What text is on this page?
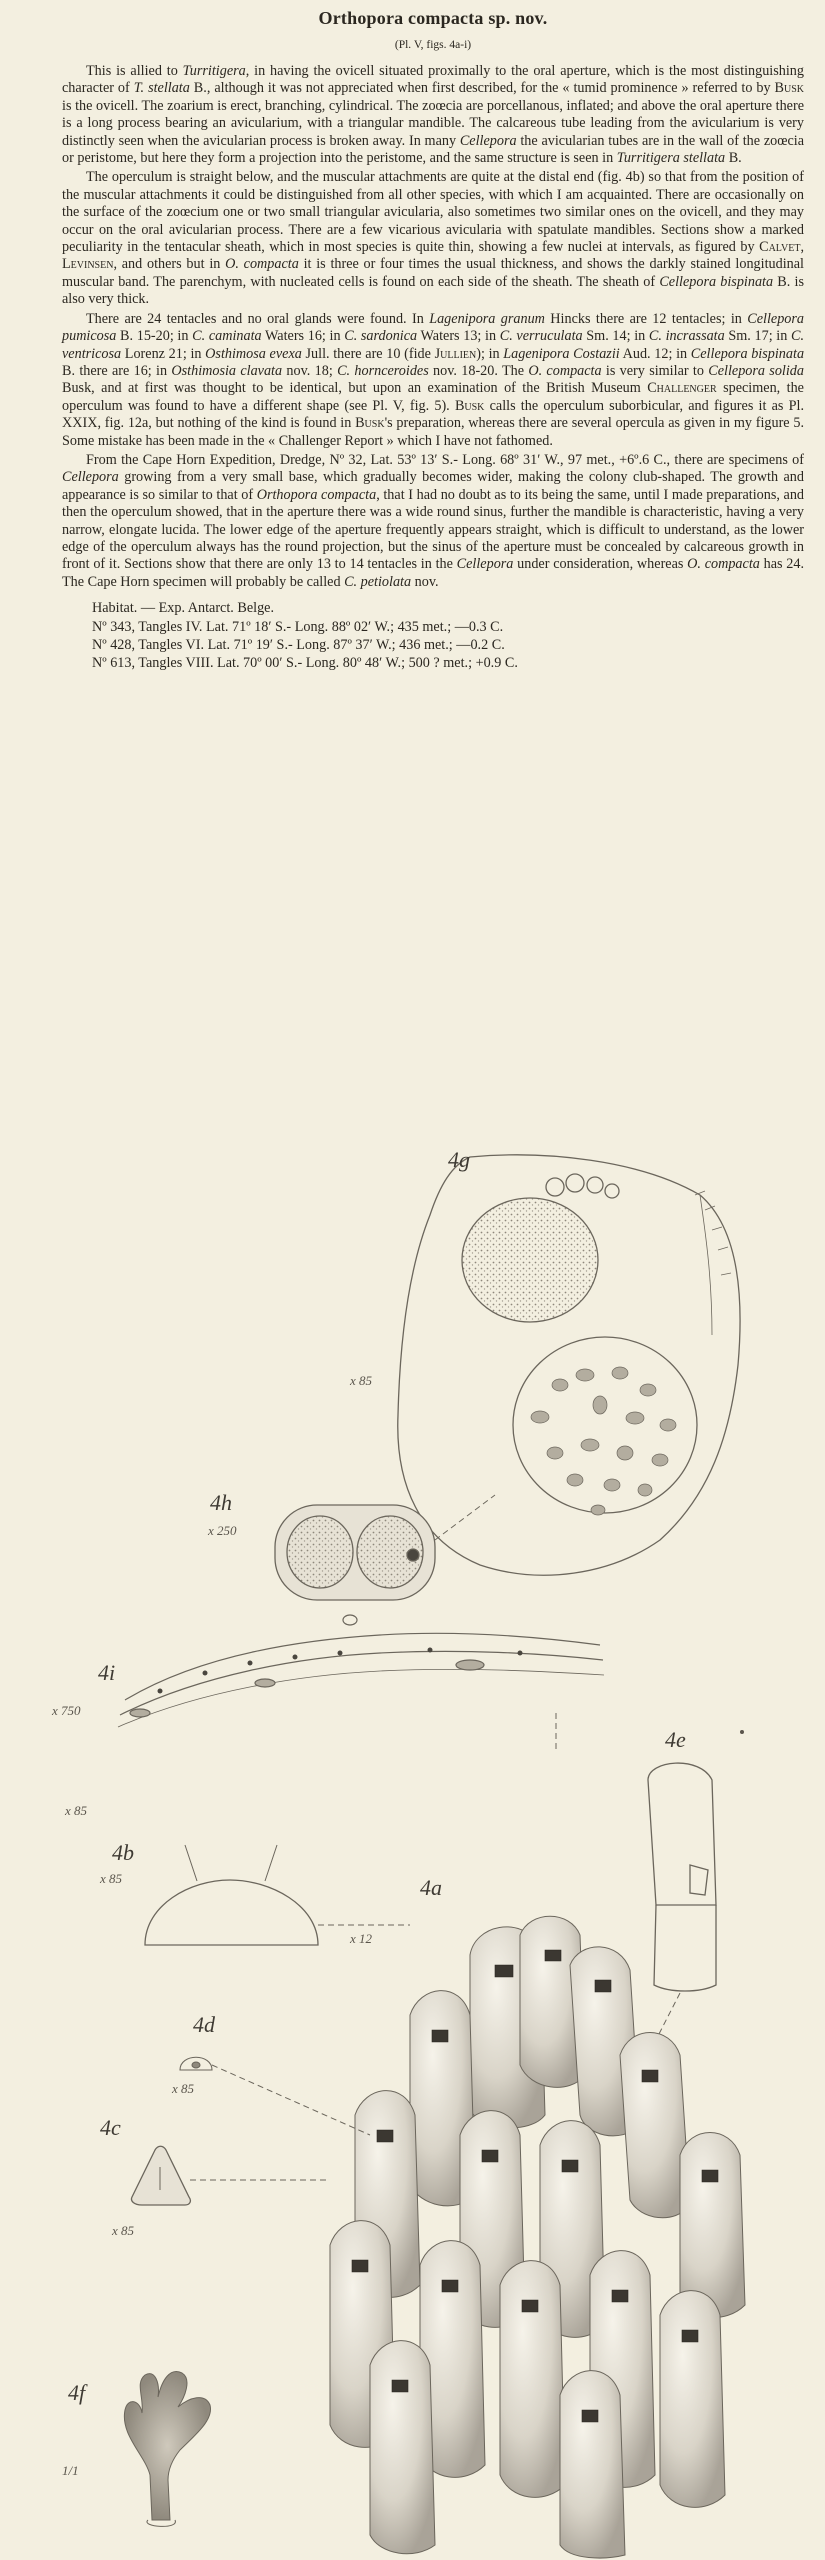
Orthopora compacta sp. nov.
(Pl. V, figs. 4a-i)

This is allied to Turritigera, in having the ovicell situated proximally to the oral aperture, which is the most distinguishing character of T. stellata B., although it was not appreciated when first described, for the « tumid prominence » referred to by Busk is the ovicell. The zoarium is erect, branching, cylindrical. The zoœcia are porcellanous, inflated; and above the oral aperture there is a long process bearing an avicularium, with a triangular mandible. The calcareous tube leading from the avicularium is very distinctly seen when the avicularian process is broken away. In many Cellepora the avicularian tubes are in the wall of the zoœcia or peristome, but here they form a projection into the peristome, and the same structure is seen in Turritigera stellata B.

The operculum is straight below, and the muscular attachments are quite at the distal end (fig. 4b) so that from the position of the muscular attachments it could be distinguished from all other species, with which I am acquainted. There are occasionally on the surface of the zoœcium one or two small triangular avicularia, also sometimes two similar ones on the ovicell, and they may occur on the oral avicularian process. There are a few vicarious avicularia with spatulate mandibles. Sections show a marked peculiarity in the tentacular sheath, which in most species is quite thin, showing a few nuclei at intervals, as figured by Calvet, Levinsen, and others but in O. compacta it is three or four times the usual thickness, and shows the darkly stained longitudinal muscular band. The parenchym, with nucleated cells is found on each side of the sheath. The sheath of Cellepora bispinata B. is also very thick.

There are 24 tentacles and no oral glands were found. In Lagenipora granum Hincks there are 12 tentacles; in Cellepora pumicosa B. 15-20; in C. caminata Waters 16; in C. sardonica Waters 13; in C. verruculata Sm. 14; in C. incrassata Sm. 17; in C. ventricosa Lorenz 21; in Osthimosa evexa Jull. there are 10 (fide Jullien); in Lagenipora Costazii Aud. 12; in Cellepora bispinata B. there are 16; in Osthimosia clavata nov. 18; C. hornceroides nov. 18-20. The O. compacta is very similar to Cellepora solida Busk, and at first was thought to be identical, but upon an examination of the British Museum Challenger specimen, the operculum was found to have a different shape (see Pl. V, fig. 5). Busk calls the operculum suborbicular, and figures it as Pl. XXIX, fig. 12a, but nothing of the kind is found in Busk's preparation, whereas there are several opercula as given in my figure 5. Some mistake has been made in the « Challenger Report » which I have not fathomed.

From the Cape Horn Expedition, Dredge, Nº 32, Lat. 53º 13′ S.- Long. 68º 31′ W., 97 met., +6º.6 C., there are specimens of Cellepora growing from a very small base, which gradually becomes wider, making the colony club-shaped. The growth and appearance is so similar to that of Orthopora compacta, that I had no doubt as to its being the same, until I made preparations, and then the operculum showed, that in the aperture there was a wide round sinus, further the mandible is characteristic, having a very narrow, elongate lucida. The lower edge of the aperture frequently appears straight, which is difficult to understand, as the lower edge of the operculum always has the round projection, but the sinus of the aperture must be concealed by calcareous growth in front of it. Sections show that there are only 13 to 14 tentacles in the Cellepora under consideration, whereas O. compacta has 24. The Cape Horn specimen will probably be called C. petiolata nov.

Habitat. — Exp. Antarct. Belge.

Nº 343, Tangles IV. Lat. 71º 18′ S.- Long. 88º 02′ W.; 435 met.; —0.3 C.

Nº 428, Tangles VI. Lat. 71º 19′ S.- Long. 87º 37′ W.; 436 met.; —0.2 C.

Nº 613, Tangles VIII. Lat. 70º 00′ S.- Long. 80º 48′ W.; 500 ? met.; +0.9 C.

4g
x 85
4h
x 250
4i
x 750
4e
x 85
4b
x 85	4a
x 12
4d
x 85
4c
x 85
4f
1/1
